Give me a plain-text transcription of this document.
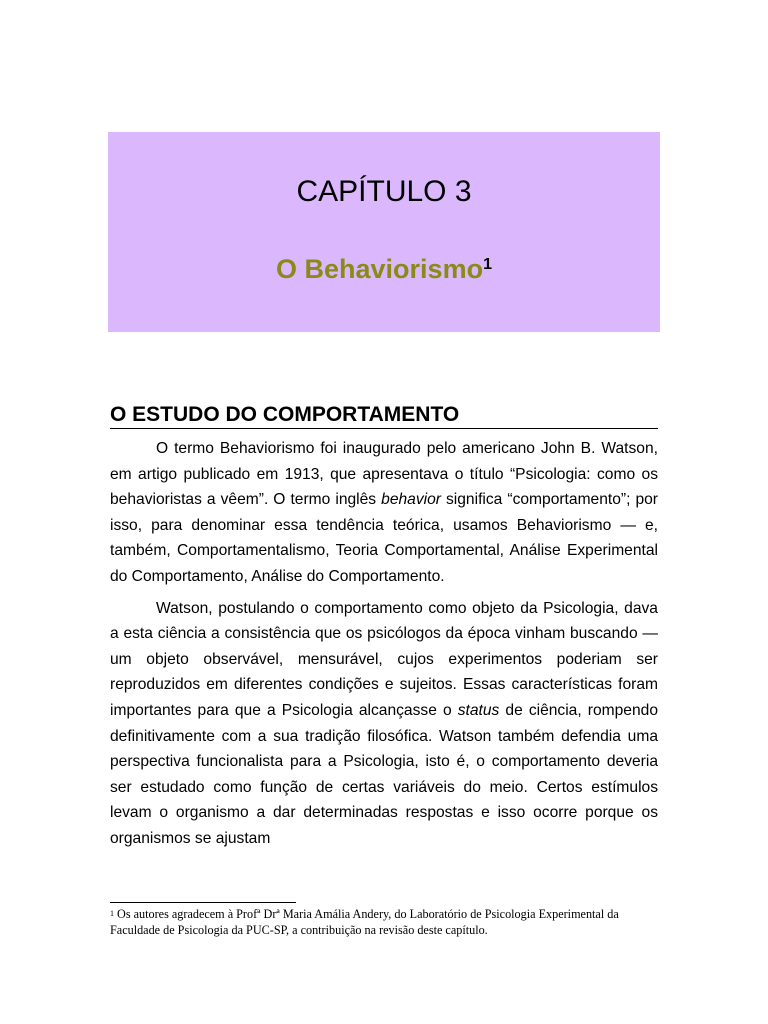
CAPÍTULO 3
O Behaviorismo$^1$
O ESTUDO DO COMPORTAMENTO

O termo Behaviorismo foi inaugurado pelo americano John B. Watson, em artigo publicado em 1913, que apresentava o título “Psicologia: como os behavioristas a vêem”. O termo inglês behavior significa “comportamento”; por isso, para denominar essa tendência teórica, usamos Behaviorismo — e, também, Comportamentalismo, Teoria Comportamental, Análise Experimental do Comportamento, Análise do Comportamento.

Watson, postulando o comportamento como objeto da Psicologia, dava a esta ciência a consistência que os psicólogos da época vinham buscando — um objeto observável, mensurável, cujos experimentos poderiam ser reproduzidos em diferentes condições e sujeitos. Essas características foram importantes para que a Psicologia alcançasse o status de ciência, rompendo definitivamente com a sua tradição filosófica. Watson também defendia uma perspectiva funcionalista para a Psicologia, isto é, o comportamento deveria ser estudado como função de certas variáveis do meio. Certos estímulos levam o organismo a dar determinadas respostas e isso ocorre porque os organismos se ajustam

$^1$ Os autores agradecem à Profª Drª Maria Amália Andery, do Laboratório de Psicologia Experimental da Faculdade de Psicologia da PUC-SP, a contribuição na revisão deste capítulo.
